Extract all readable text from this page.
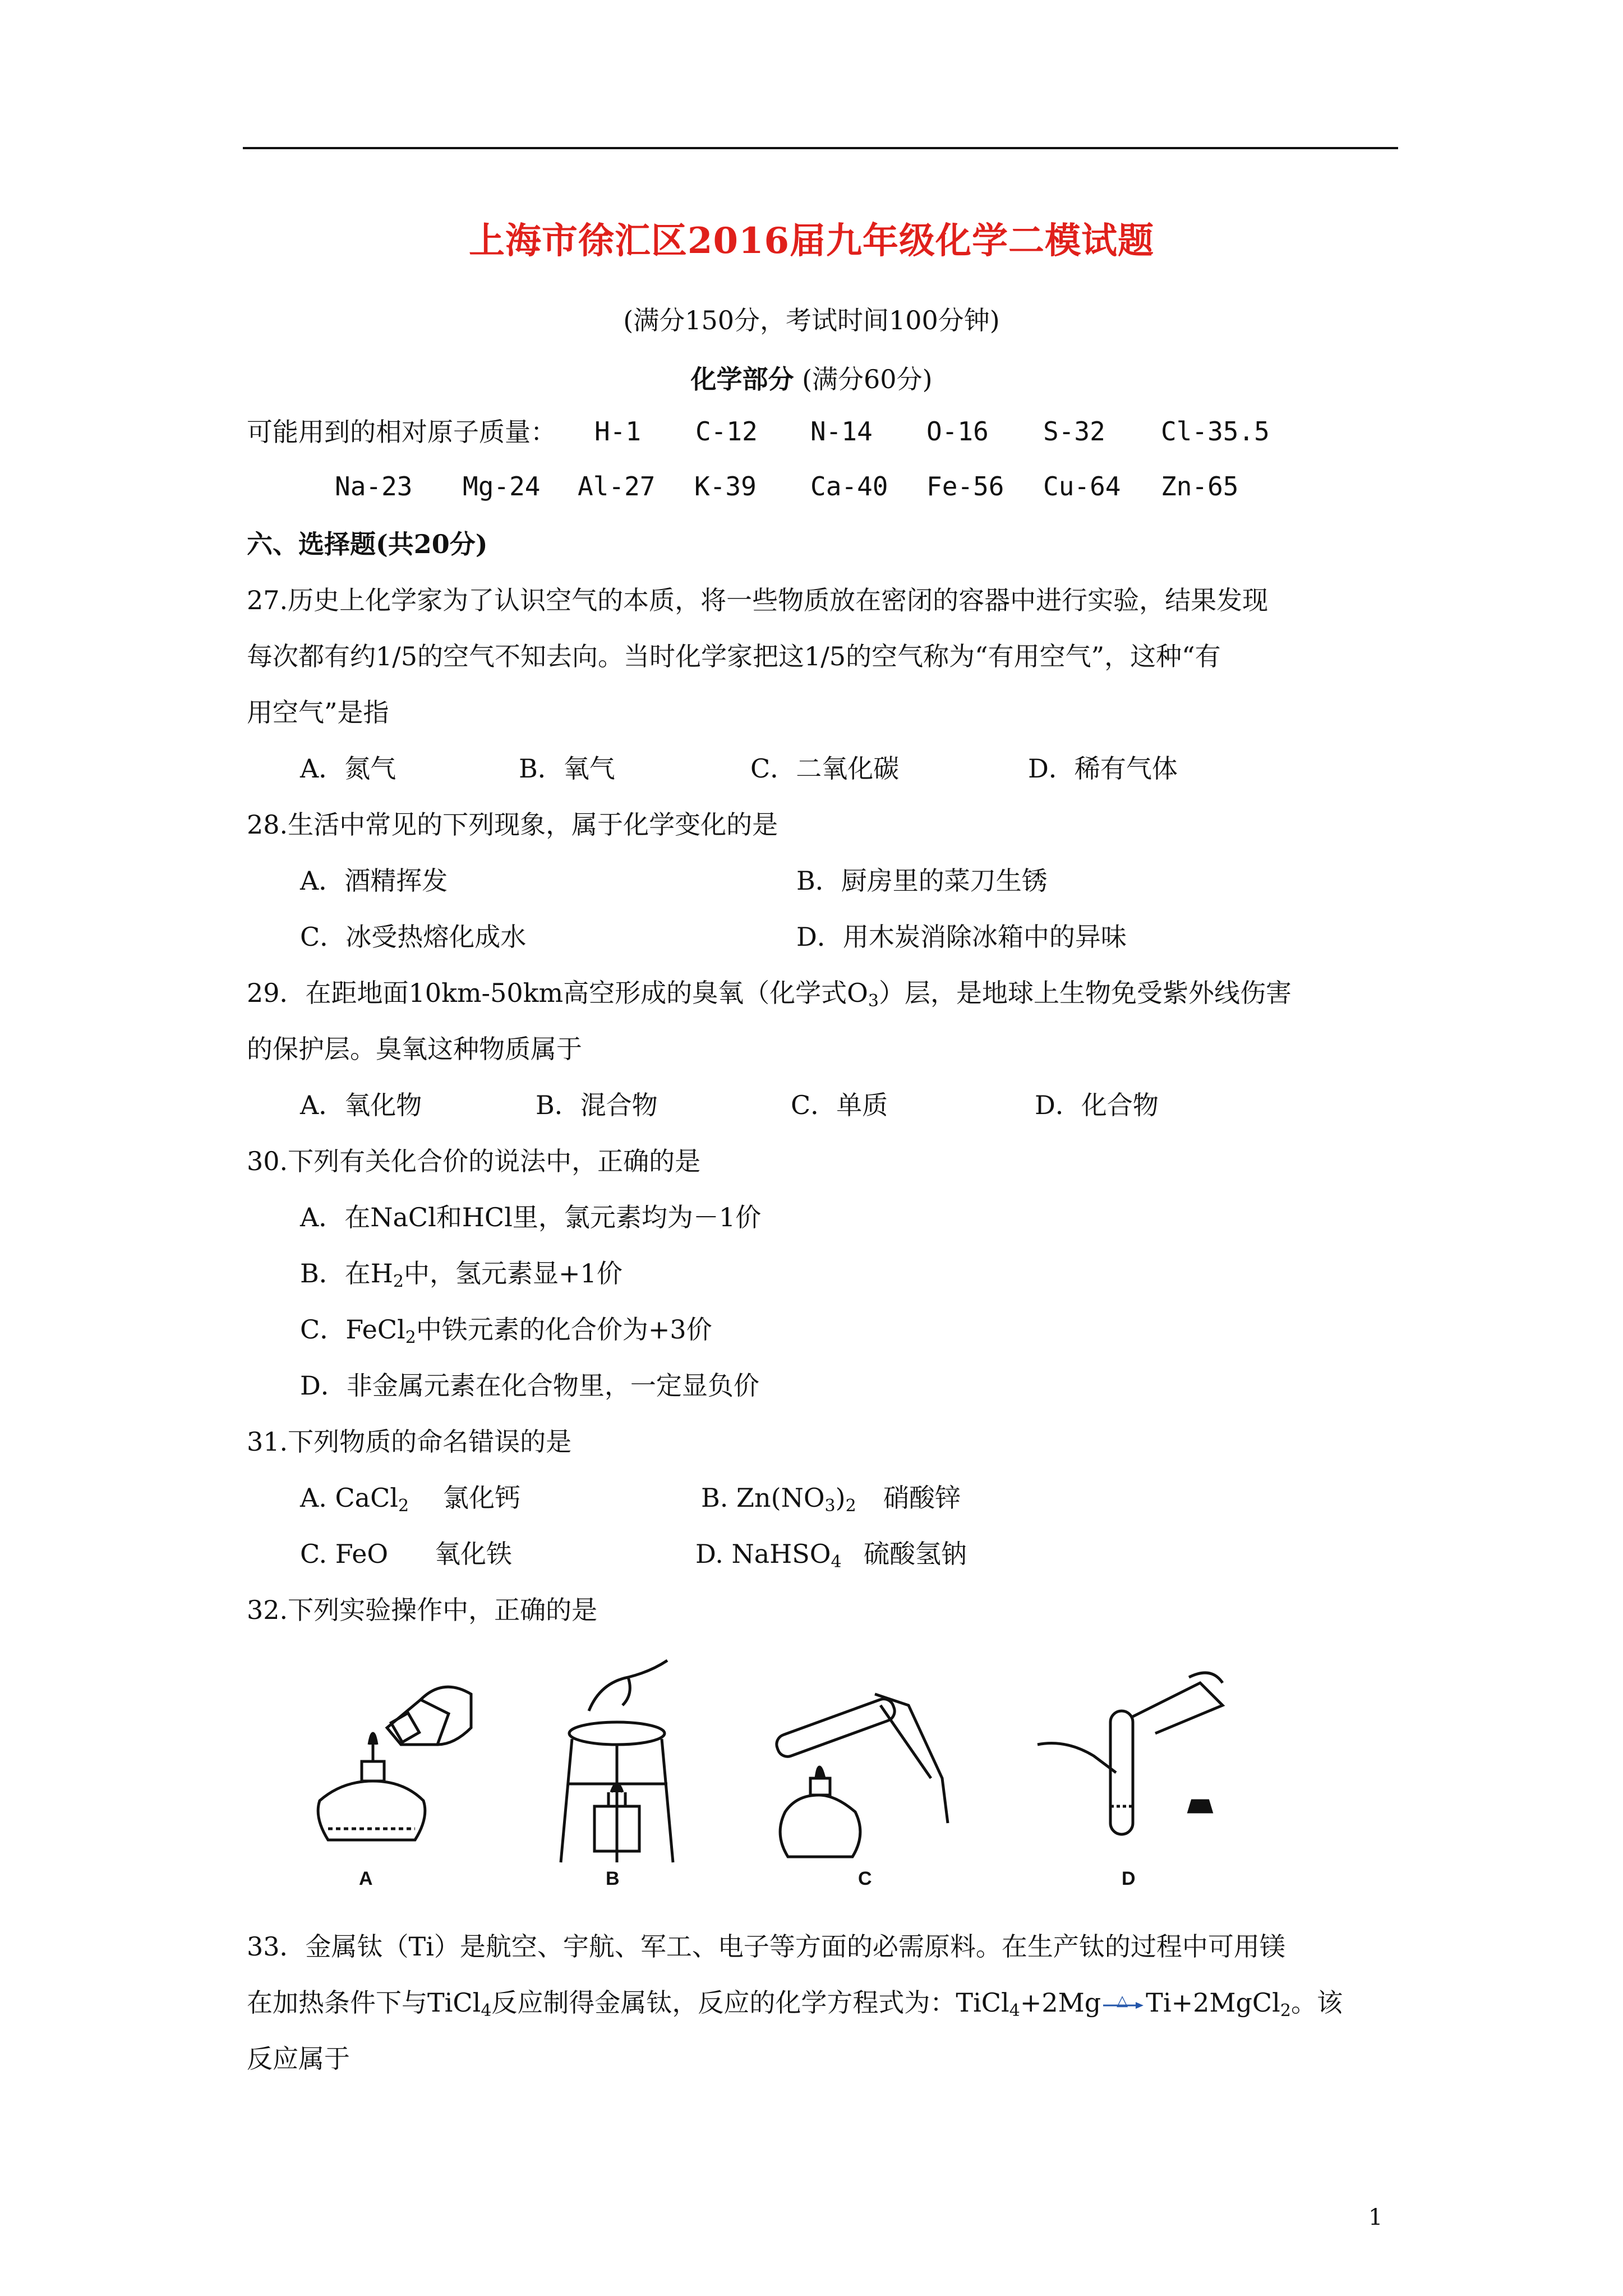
上海市徐汇区2016届九年级化学二模试题
(满分150分，考试时间100分钟)
化学部分 (满分60分)
可能用到的相对原子质量： H-1 C-12 N-14 O-16 S-32 Cl-35.5
Na-23 Mg-24 Al-27 K-39 Ca-40 Fe-56 Cu-64 Zn-65
六、选择题(共20分)
27.历史上化学家为了认识空气的本质，将一些物质放在密闭的容器中进行实验，结果发现
每次都有约1/5的空气不知去向。当时化学家把这1/5的空气称为“有用空气”，这种“有
用空气”是指
A．氮气	B．氧气	C．二氧化碳	D．稀有气体
28.生活中常见的下列现象，属于化学变化的是
A．酒精挥发	B．厨房里的菜刀生锈
C．冰受热熔化成水	D．用木炭消除冰箱中的异味
29．在距地面10km-50km高空形成的臭氧（化学式$O_3$）层，是地球上生物免受紫外线伤害
的保护层。臭氧这种物质属于
A．氧化物	B．混合物	C．单质	D．化合物
30.下列有关化合价的说法中，正确的是
A．在NaCl和HCl里，氯元素均为－1价
B．在$H_2$中，氢元素显+1价
C．FeCl$_2$中铁元素的化合价为+3价
D．非金属元素在化合物里，一定显负价
31.下列物质的命名错误的是
A. CaCl$_2$ 氯化钙	B. $Zn(NO_3)_2$ 硝酸锌
C. FeO 氧化铁	D. NaHSO$_4$ 硫酸氢钠
32.下列实验操作中，正确的是
A	B	C	D
33．金属钛（Ti）是航空、宇航、军工、电子等方面的必需原料。在生产钛的过程中可用镁
在加热条件下与TiCl$_4$反应制得金属钛，反应的化学方程式为：TiCl$_4$+2Mg △ Ti+2MgCl$_2$。该
反应属于
1
